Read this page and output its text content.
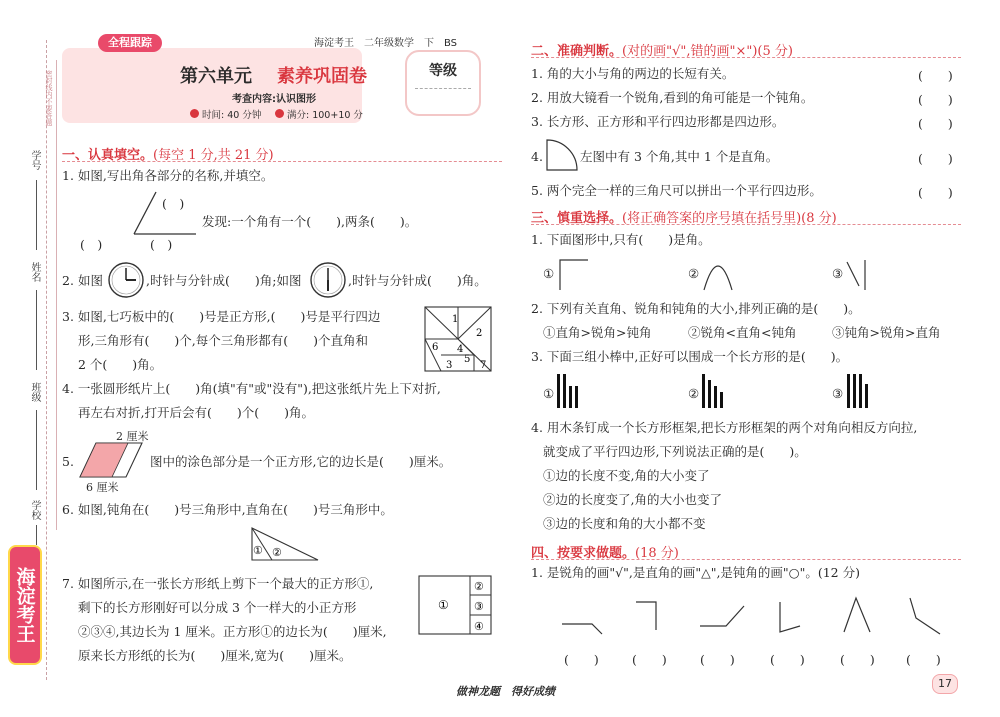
学号
姓名
班级
学校
密封线内不要答题
海淀考王
全程跟踪	海淀考王　二年级数学　下　BS
第六单元 素养巩固卷
考查内容:认识图形
时间: 40 分钟	满分: 100+10 分
等级
一、认真填空。(每空 1 分,共 21 分)
1. 如图,写出角各部分的名称,并填空。
(　)
(　)	(　)
发现:一个角有一个(　　),两条(　　)。
2. 如图	,时针与分针成(　　)角;如图	,时针与分针成(　　)角。
3. 如图,七巧板中的(　　)号是正方形,(　　)号是平行四边
形,三角形有(　　)个,每个三角形都有(　　)个直角和
2 个(　　)角。
1
2
3
4
5
6
7
4. 一张圆形纸片上(　　)角(填"有"或"没有"),把这张纸片先上下对折,
再左右对折,打开后会有(　　)个(　　)角。
5.
2 厘米
6 厘米
图中的涂色部分是一个正方形,它的边长是(　　)厘米。
6. 如图,钝角在(　　)号三角形中,直角在(　　)号三角形中。
① ②
7. 如图所示,在一张长方形纸上剪下一个最大的正方形①,
剩下的长方形刚好可以分成 3 个一样大的小正方形
②③④,其边长为 1 厘米。正方形①的边长为(　　)厘米,
原来长方形纸的长为(　　)厘米,宽为(　　)厘米。
①
②
③
④
二、准确判断。(对的画"√",错的画"×")(5 分)
1. 角的大小与角的两边的长短有关。	(　　)
2. 用放大镜看一个锐角,看到的角可能是一个钝角。	(　　)
3. 长方形、正方形和平行四边形都是四边形。	(　　)
4.	左图中有 3 个角,其中 1 个是直角。	(　　)
5. 两个完全一样的三角尺可以拼出一个平行四边形。	(　　)
三、慎重选择。(将正确答案的序号填在括号里)(8 分)
1. 下面图形中,只有(　　)是角。
①	②	③
2. 下列有关直角、锐角和钝角的大小,排列正确的是(　　)。
①直角>锐角>钝角	②锐角<直角<钝角	③钝角>锐角>直角
3. 下面三组小棒中,正好可以围成一个长方形的是(　　)。
①	②	③
4. 用木条钉成一个长方形框架,把长方形框架的两个对角向相反方向拉,
就变成了平行四边形,下列说法正确的是(　　)。
①边的长度不变,角的大小变了
②边的长度变了,角的大小也变了
③边的长度和角的大小都不变
四、按要求做题。(18 分)
1. 是锐角的画"√",是直角的画"△",是钝角的画"○"。(12 分)
(　　)	(　　)	(　　)	(　　)	(　　) (　　)
做神龙题　得好成绩
17
